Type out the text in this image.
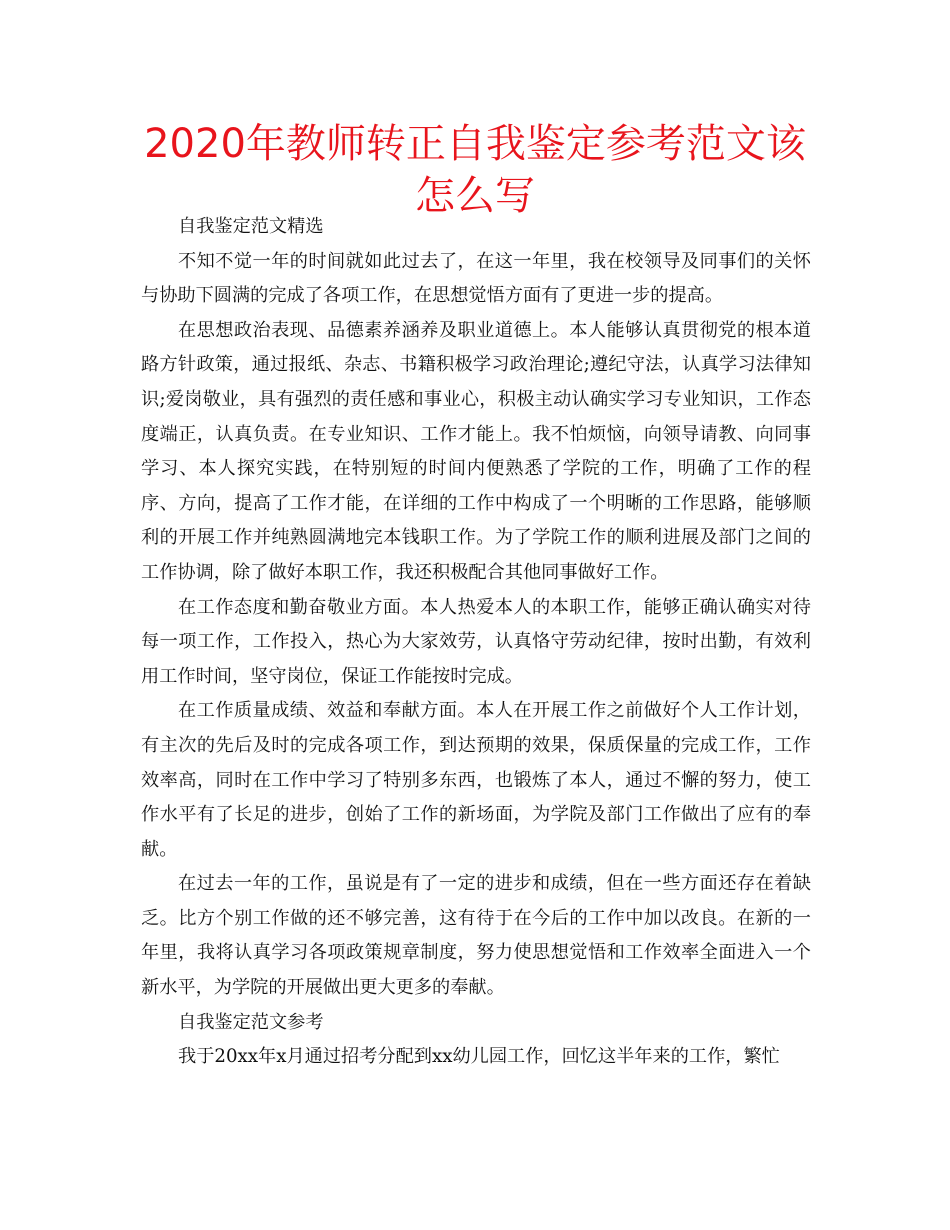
2020年教师转正自我鉴定参考范文该怎么写

自我鉴定范文精选

不知不觉一年的时间就如此过去了，在这一年里，我在校领导及同事们的关怀与协助下圆满的完成了各项工作，在思想觉悟方面有了更进一步的提高。

在思想政治表现、品德素养涵养及职业道德上。本人能够认真贯彻党的根本道路方针政策，通过报纸、杂志、书籍积极学习政治理论;遵纪守法，认真学习法律知识;爱岗敬业，具有强烈的责任感和事业心，积极主动认确实学习专业知识，工作态度端正，认真负责。在专业知识、工作才能上。我不怕烦恼，向领导请教、向同事学习、本人探究实践，在特别短的时间内便熟悉了学院的工作，明确了工作的程序、方向，提高了工作才能，在详细的工作中构成了一个明晰的工作思路，能够顺利的开展工作并纯熟圆满地完本钱职工作。为了学院工作的顺利进展及部门之间的工作协调，除了做好本职工作，我还积极配合其他同事做好工作。

在工作态度和勤奋敬业方面。本人热爱本人的本职工作，能够正确认确实对待每一项工作，工作投入，热心为大家效劳，认真恪守劳动纪律，按时出勤，有效利用工作时间，坚守岗位，保证工作能按时完成。

在工作质量成绩、效益和奉献方面。本人在开展工作之前做好个人工作计划，有主次的先后及时的完成各项工作，到达预期的效果，保质保量的完成工作，工作效率高，同时在工作中学习了特别多东西，也锻炼了本人，通过不懈的努力，使工作水平有了长足的进步，创始了工作的新场面，为学院及部门工作做出了应有的奉献。

在过去一年的工作，虽说是有了一定的进步和成绩，但在一些方面还存在着缺乏。比方个别工作做的还不够完善，这有待于在今后的工作中加以改良。在新的一年里，我将认真学习各项政策规章制度，努力使思想觉悟和工作效率全面进入一个新水平，为学院的开展做出更大更多的奉献。

自我鉴定范文参考

我于20xx年x月通过招考分配到xx幼儿园工作，回忆这半年来的工作，繁忙
